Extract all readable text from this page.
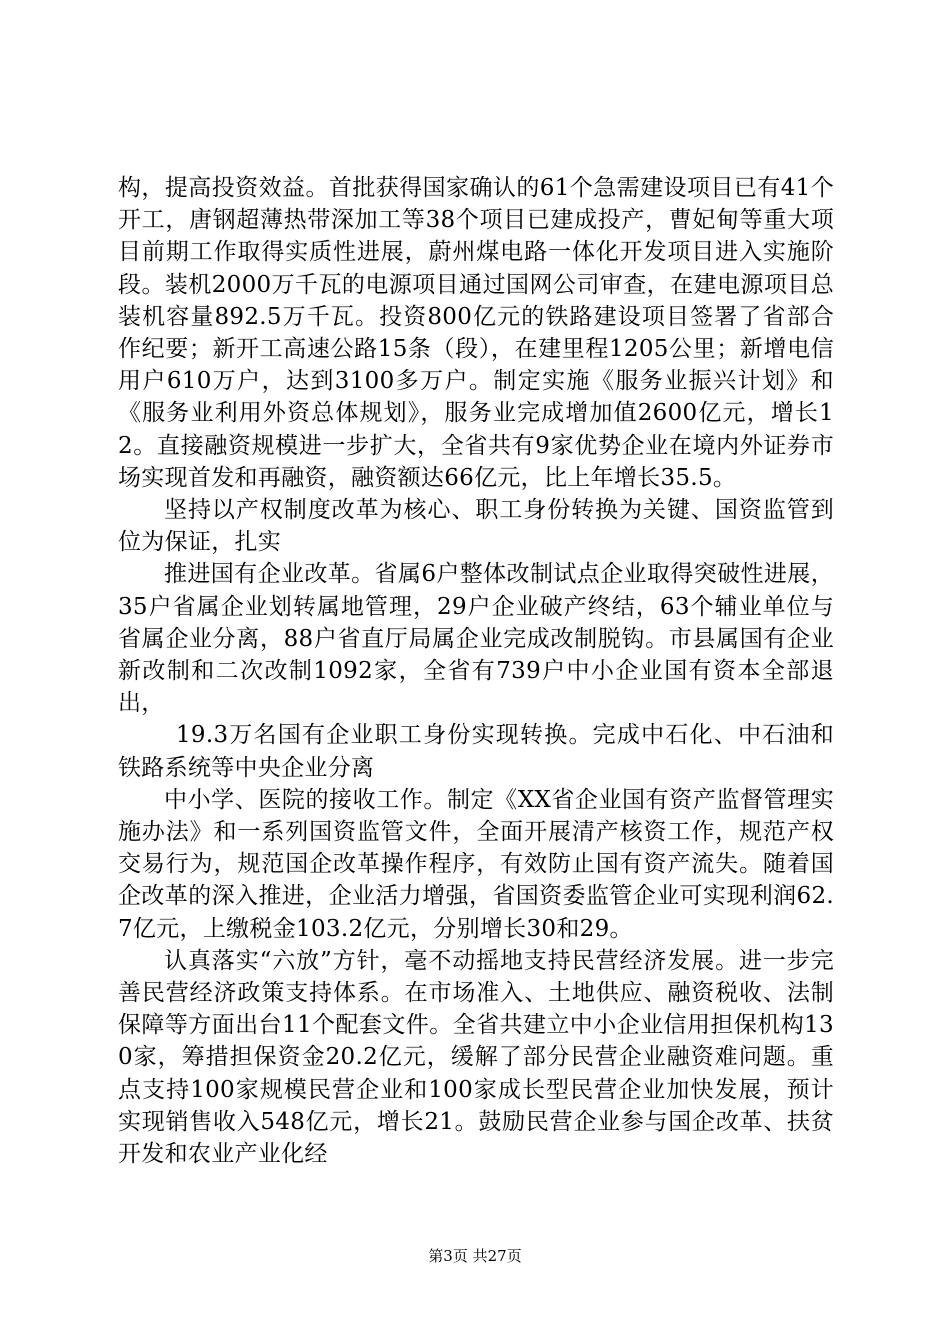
构，提高投资效益。首批获得国家确认的61个急需建设项目已有41个开工，唐钢超薄热带深加工等38个项目已建成投产，曹妃甸等重大项目前期工作取得实质性进展，蔚州煤电路一体化开发项目进入实施阶段。装机2000万千瓦的电源项目通过国网公司审查，在建电源项目总装机容量892.5万千瓦。投资800亿元的铁路建设项目签署了省部合作纪要；新开工高速公路15条（段），在建里程1205公里；新增电信用户610万户，达到3100多万户。制定实施《服务业振兴计划》和《服务业利用外资总体规划》，服务业完成增加值2600亿元，增长12。直接融资规模进一步扩大，全省共有9家优势企业在境内外证券市场实现首发和再融资，融资额达66亿元，比上年增长35.5。

坚持以产权制度改革为核心、职工身份转换为关键、国资监管到位为保证，扎实

推进国有企业改革。省属6户整体改制试点企业取得突破性进展，35户省属企业划转属地管理，29户企业破产终结，63个辅业单位与省属企业分离，88户省直厅局属企业完成改制脱钩。市县属国有企业新改制和二次改制1092家，全省有739户中小企业国有资本全部退出，

19.3万名国有企业职工身份实现转换。完成中石化、中石油和铁路系统等中央企业分离

中小学、医院的接收工作。制定《XX省企业国有资产监督管理实施办法》和一系列国资监管文件，全面开展清产核资工作，规范产权交易行为，规范国企改革操作程序，有效防止国有资产流失。随着国企改革的深入推进，企业活力增强，省国资委监管企业可实现利润62.7亿元，上缴税金103.2亿元，分别增长30和29。

认真落实“六放”方针，毫不动摇地支持民营经济发展。进一步完善民营经济政策支持体系。在市场准入、土地供应、融资税收、法制保障等方面出台11个配套文件。全省共建立中小企业信用担保机构130家，筹措担保资金20.2亿元，缓解了部分民营企业融资难问题。重点支持100家规模民营企业和100家成长型民营企业加快发展，预计实现销售收入548亿元，增长21。鼓励民营企业参与国企改革、扶贫开发和农业产业化经

第3页 共27页
